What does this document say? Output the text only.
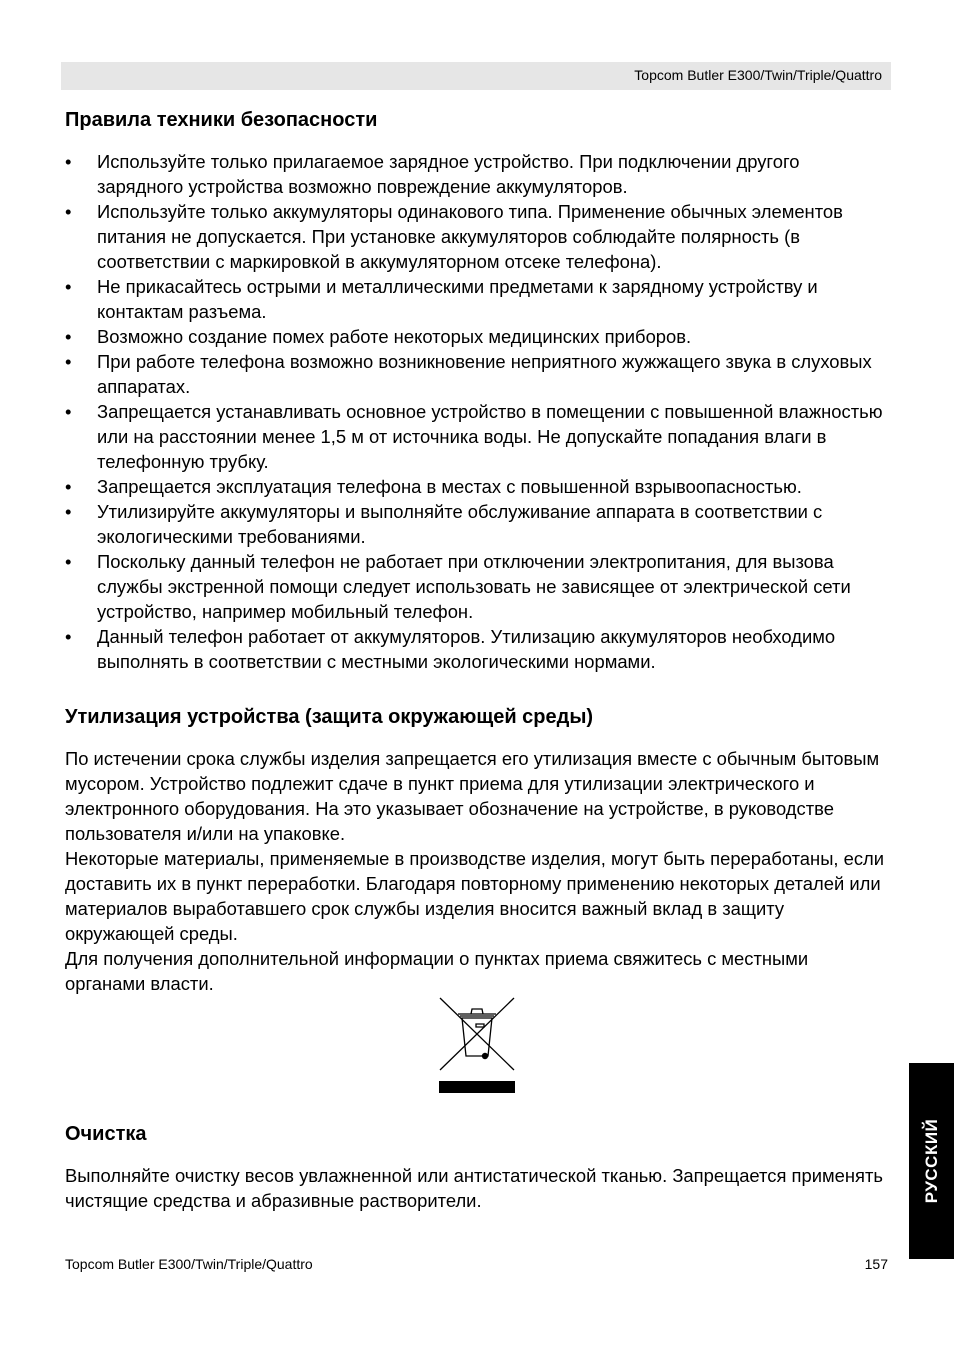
Topcom Butler E300/Twin/Triple/Quattro
Правила техники безопасности
• Используйте только прилагаемое зарядное устройство. При подключении другого зарядного устройства возможно повреждение аккумуляторов.
• Используйте только аккумуляторы одинакового типа. Применение обычных элементов питания не допускается. При установке аккумуляторов соблюдайте полярность (в соответствии с маркировкой в аккумуляторном отсеке телефона).
• Не прикасайтесь острыми и металлическими предметами к зарядному устройству и контактам разъема.
• Возможно создание помех работе некоторых медицинских приборов.
• При работе телефона возможно возникновение неприятного жужжащего звука в слуховых аппаратах.
• Запрещается устанавливать основное устройство в помещении с повышенной влажностью или на расстоянии менее 1,5 м от источника воды. Не допускайте попадания влаги в телефонную трубку.
• Запрещается эксплуатация телефона в местах с повышенной взрывоопасностью.
• Утилизируйте аккумуляторы и выполняйте обслуживание аппарата в соответствии с экологическими требованиями.
• Поскольку данный телефон не работает при отключении электропитания, для вызова службы экстренной помощи следует использовать не зависящее от электрической сети устройство, например мобильный телефон.
• Данный телефон работает от аккумуляторов. Утилизацию аккумуляторов необходимо выполнять в соответствии с местными экологическими нормами.
Утилизация устройства (защита окружающей среды)
По истечении срока службы изделия запрещается его утилизация вместе с обычным бытовым мусором. Устройство подлежит сдаче в пункт приема для утилизации электрического и электронного оборудования. На это указывает обозначение на устройстве, в руководстве пользователя и/или на упаковке.
Некоторые материалы, применяемые в производстве изделия, могут быть переработаны, если доставить их в пункт переработки. Благодаря повторному применению некоторых деталей или материалов выработавшего срок службы изделия вносится важный вклад в защиту окружающей среды.
Для получения дополнительной информации о пунктах приема свяжитесь с местными органами власти.
Очистка
Выполняйте очистку весов увлажненной или антистатической тканью. Запрещается применять чистящие средства и абразивные растворители.	РУССКИЙ
Topcom Butler E300/Twin/Triple/Quattro	157
